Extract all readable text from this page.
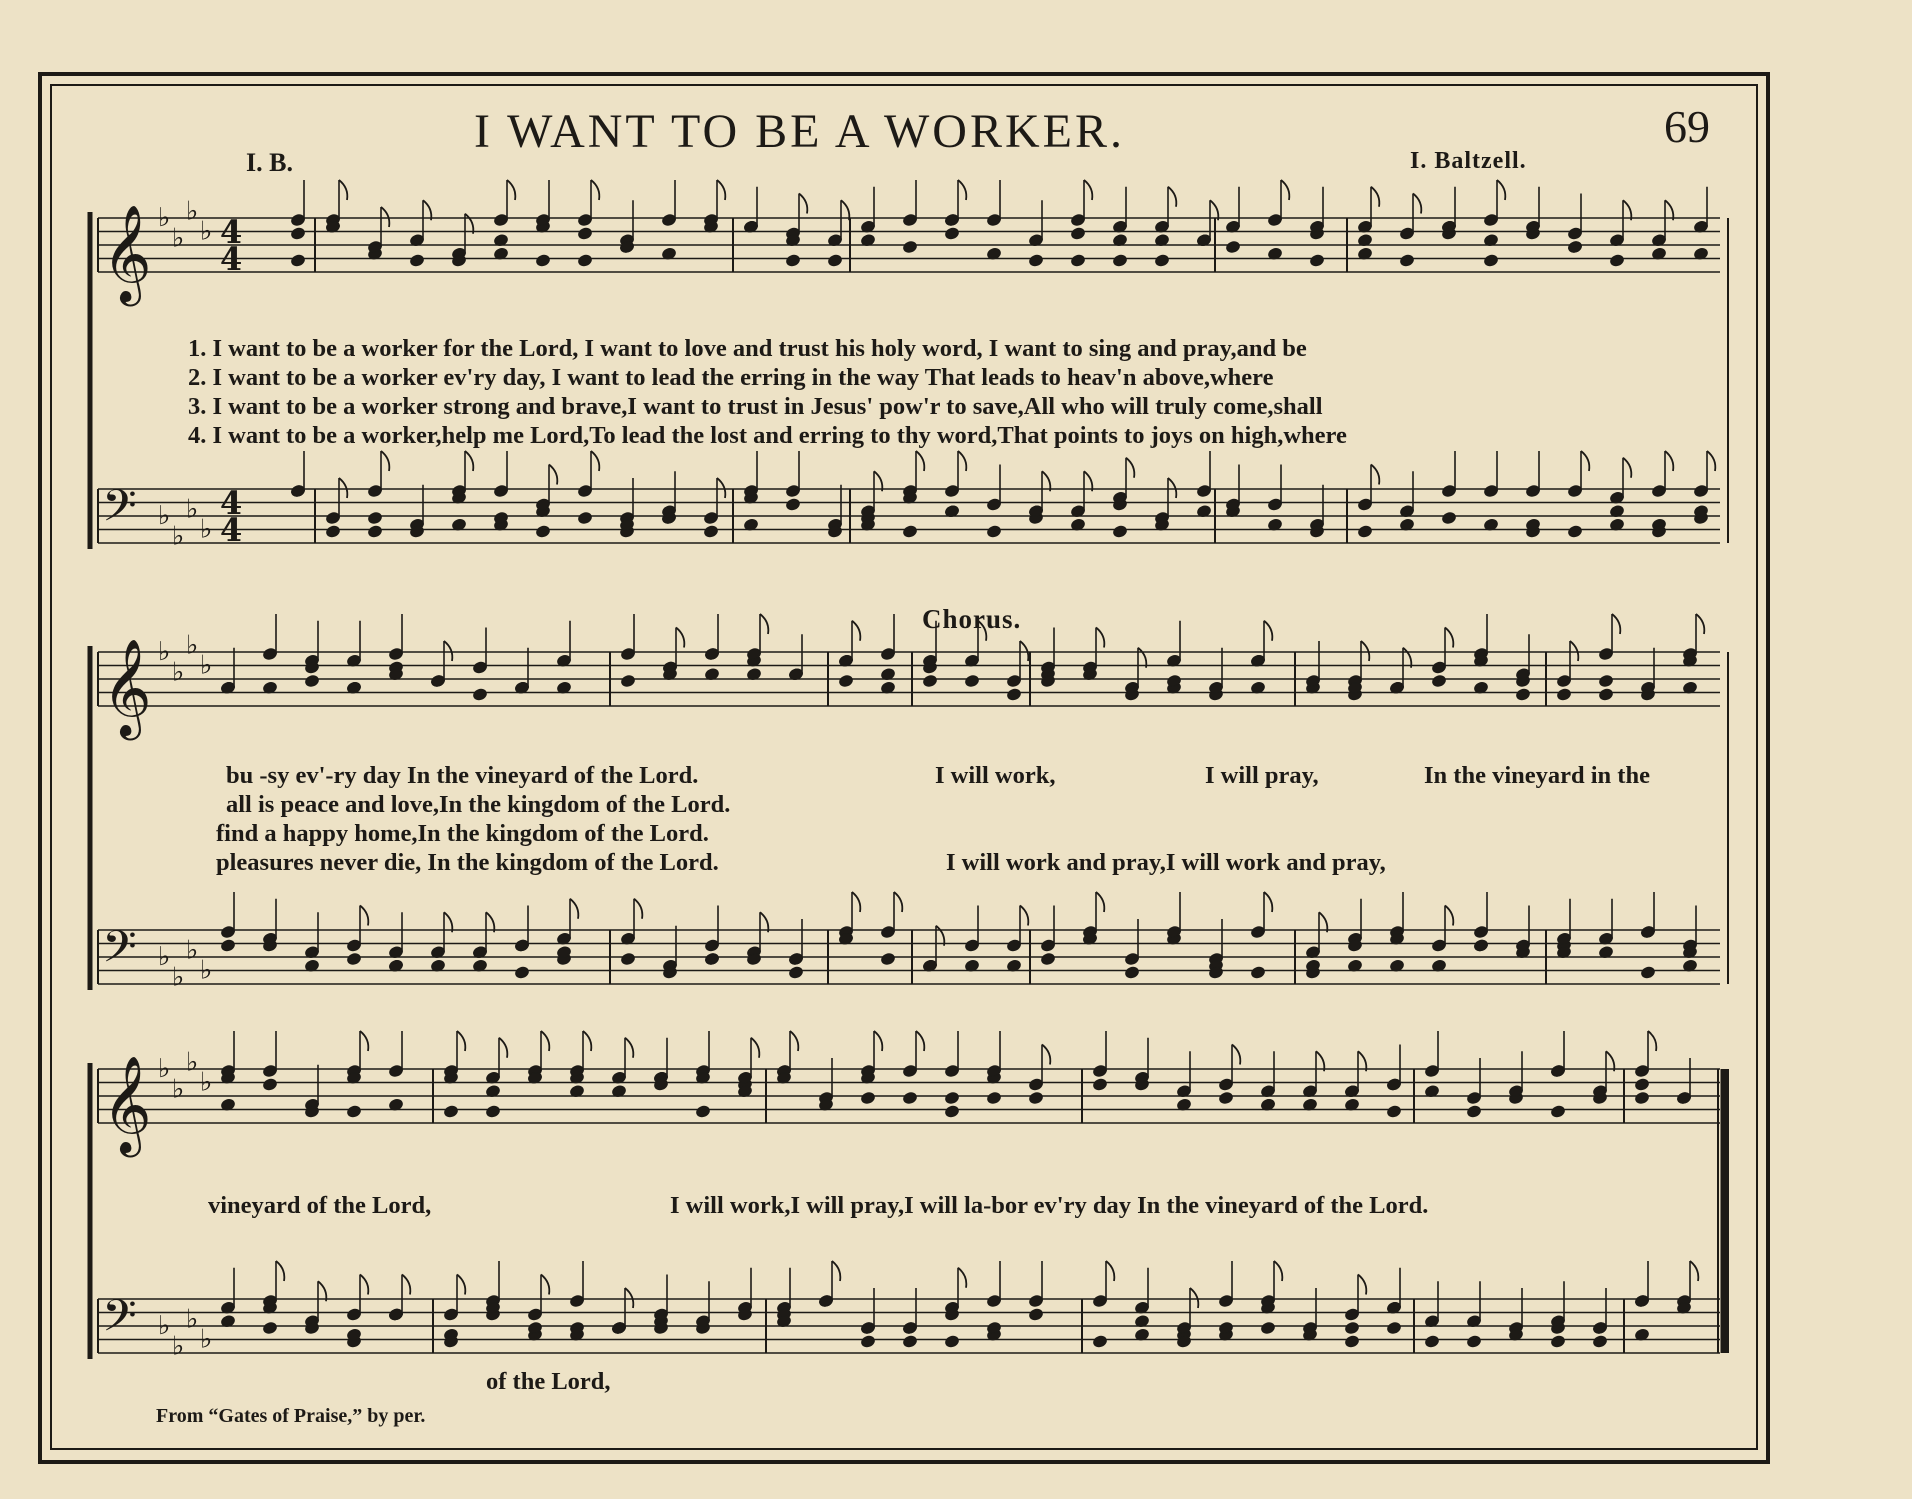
I WANT TO BE A WORKER.	69
I. B.	I. Baltzell.
𝄞 ♭
♭
♭
♭ 4
4
𝄢 ♭
♭
♭
♭
4
4
𝄞 ♭
♭
♭
♭
𝄢 ♭
♭
♭
♭
𝄞 ♭
♭
♭
♭
𝄢 ♭
♭
♭
♭
1. I want to be a worker for the Lord, I want to love and trust his holy word, I want to sing and pray,and be
2. I want to be a worker ev'ry day, I want to lead the erring in the way That leads to heav'n above,where
3. I want to be a worker strong and brave,I want to trust in Jesus' pow'r to save,All who will truly come,shall
4. I want to be a worker,help me Lord,To lead the lost and erring to thy word,That points to joys on high,where
Chorus.
bu -sy ev'-ry day In the vineyard of the Lord.
all is peace and love,In the kingdom of the Lord.
find a happy home,In the kingdom of the Lord.
pleasures never die, In the kingdom of the Lord.
I will work,	I will pray,	In the vineyard in the
I will work and pray,I will work and pray,
vineyard of the Lord,	I will work,I will pray,I will la-bor ev'ry day In the vineyard of the Lord.
of the Lord,
From “Gates of Praise,” by per.
